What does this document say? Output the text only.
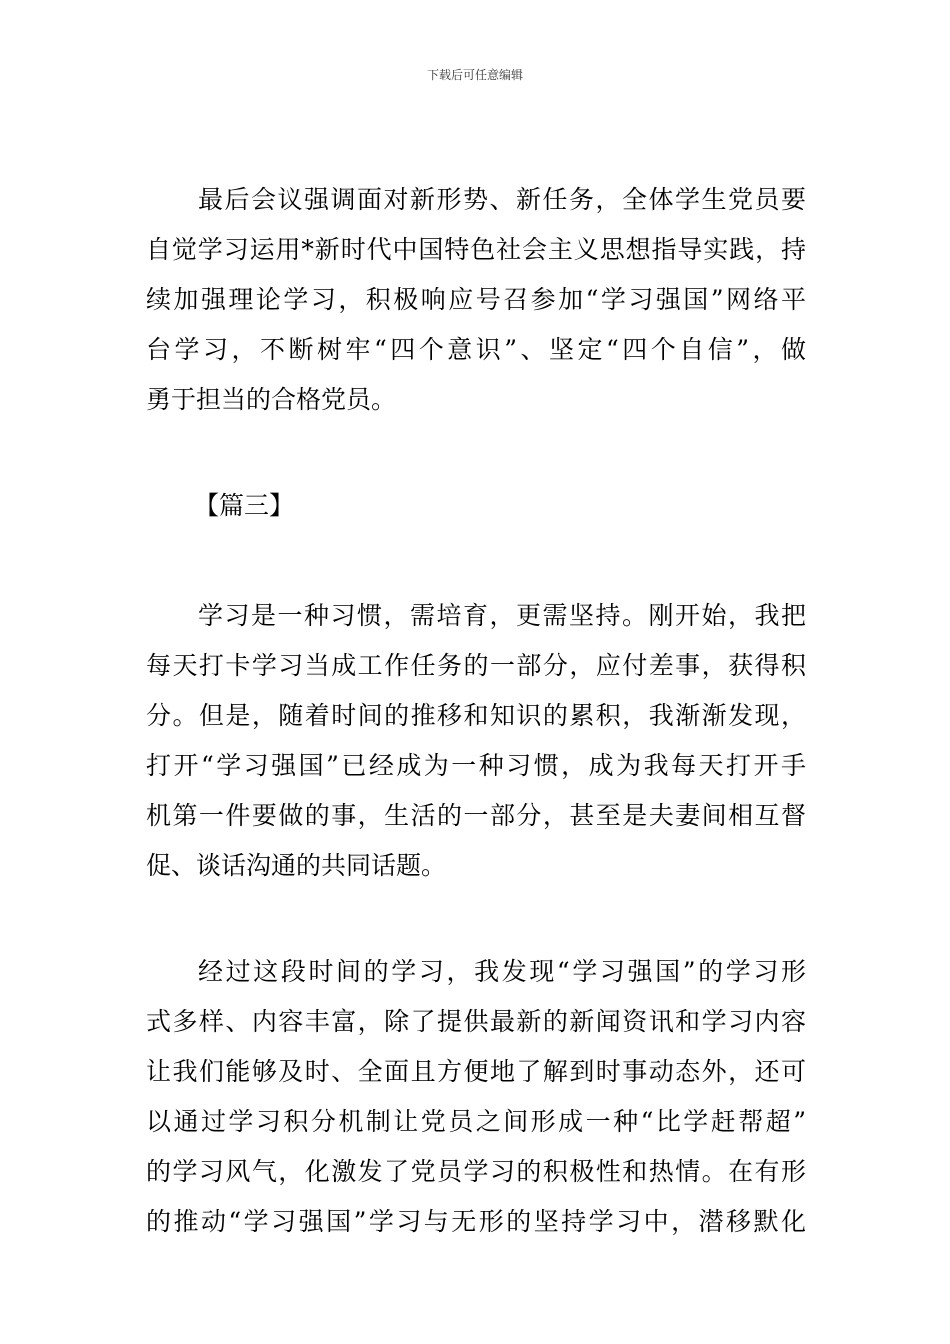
下载后可任意编辑
最后会议强调面对新形势、新任务，全体学生党员要
自觉学习运用*新时代中国特色社会主义思想指导实践，持
续加强理论学习，积极响应号召参加“学习强国”网络平
台学习，不断树牢“四个意识”、坚定“四个自信”，做
勇于担当的合格党员。
【篇三】
学习是一种习惯，需培育，更需坚持。刚开始，我把
每天打卡学习当成工作任务的一部分，应付差事，获得积
分。但是，随着时间的推移和知识的累积，我渐渐发现，
打开“学习强国”已经成为一种习惯，成为我每天打开手
机第一件要做的事，生活的一部分，甚至是夫妻间相互督
促、谈话沟通的共同话题。
经过这段时间的学习，我发现“学习强国”的学习形
式多样、内容丰富，除了提供最新的新闻资讯和学习内容
让我们能够及时、全面且方便地了解到时事动态外，还可
以通过学习积分机制让党员之间形成一种“比学赶帮超”
的学习风气，化激发了党员学习的积极性和热情。在有形
的推动“学习强国”学习与无形的坚持学习中，潜移默化
